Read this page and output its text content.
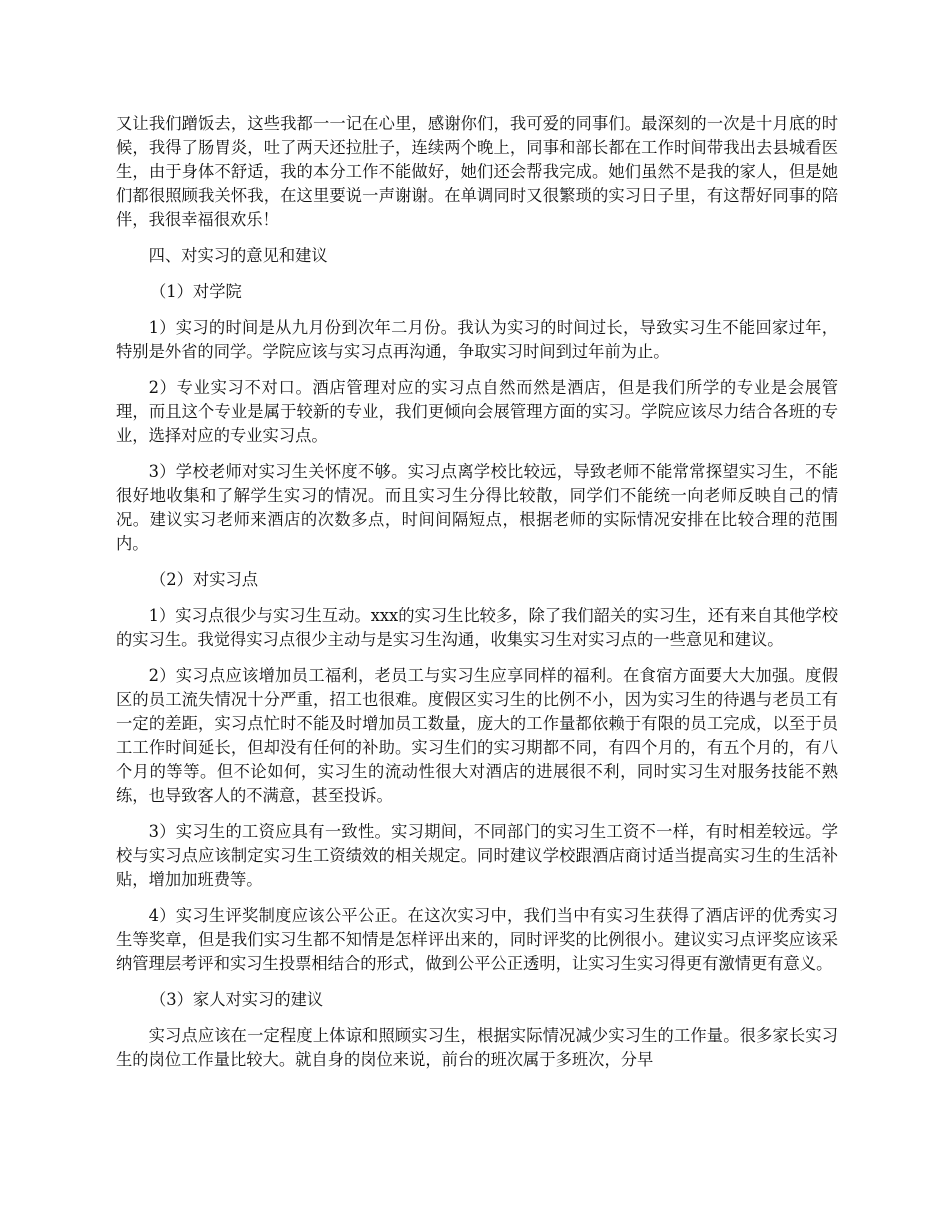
又让我们蹭饭去，这些我都一一记在心里，感谢你们，我可爱的同事们。最深刻的一次是十月底的时候，我得了肠胃炎，吐了两天还拉肚子，连续两个晚上，同事和部长都在工作时间带我出去县城看医生，由于身体不舒适，我的本分工作不能做好，她们还会帮我完成。她们虽然不是我的家人，但是她们都很照顾我关怀我，在这里要说一声谢谢。在单调同时又很繁琐的实习日子里，有这帮好同事的陪伴，我很幸福很欢乐！

四、对实习的意见和建议

（1）对学院

1）实习的时间是从九月份到次年二月份。我认为实习的时间过长，导致实习生不能回家过年，特别是外省的同学。学院应该与实习点再沟通，争取实习时间到过年前为止。

2）专业实习不对口。酒店管理对应的实习点自然而然是酒店，但是我们所学的专业是会展管理，而且这个专业是属于较新的专业，我们更倾向会展管理方面的实习。学院应该尽力结合各班的专业，选择对应的专业实习点。

3）学校老师对实习生关怀度不够。实习点离学校比较远，导致老师不能常常探望实习生，不能很好地收集和了解学生实习的情况。而且实习生分得比较散，同学们不能统一向老师反映自己的情况。建议实习老师来酒店的次数多点，时间间隔短点，根据老师的实际情况安排在比较合理的范围内。

（2）对实习点

1）实习点很少与实习生互动。xxx的实习生比较多，除了我们韶关的实习生，还有来自其他学校的实习生。我觉得实习点很少主动与是实习生沟通，收集实习生对实习点的一些意见和建议。

2）实习点应该增加员工福利，老员工与实习生应享同样的福利。在食宿方面要大大加强。度假区的员工流失情况十分严重，招工也很难。度假区实习生的比例不小，因为实习生的待遇与老员工有一定的差距，实习点忙时不能及时增加员工数量，庞大的工作量都依赖于有限的员工完成，以至于员工工作时间延长，但却没有任何的补助。实习生们的实习期都不同，有四个月的，有五个月的，有八个月的等等。但不论如何，实习生的流动性很大对酒店的进展很不利，同时实习生对服务技能不熟练，也导致客人的不满意，甚至投诉。

3）实习生的工资应具有一致性。实习期间，不同部门的实习生工资不一样，有时相差较远。学校与实习点应该制定实习生工资绩效的相关规定。同时建议学校跟酒店商讨适当提高实习生的生活补贴，增加加班费等。

4）实习生评奖制度应该公平公正。在这次实习中，我们当中有实习生获得了酒店评的优秀实习生等奖章，但是我们实习生都不知情是怎样评出来的，同时评奖的比例很小。建议实习点评奖应该采纳管理层考评和实习生投票相结合的形式，做到公平公正透明，让实习生实习得更有激情更有意义。

（3）家人对实习的建议

实习点应该在一定程度上体谅和照顾实习生，根据实际情况减少实习生的工作量。很多家长实习生的岗位工作量比较大。就自身的岗位来说，前台的班次属于多班次，分早
